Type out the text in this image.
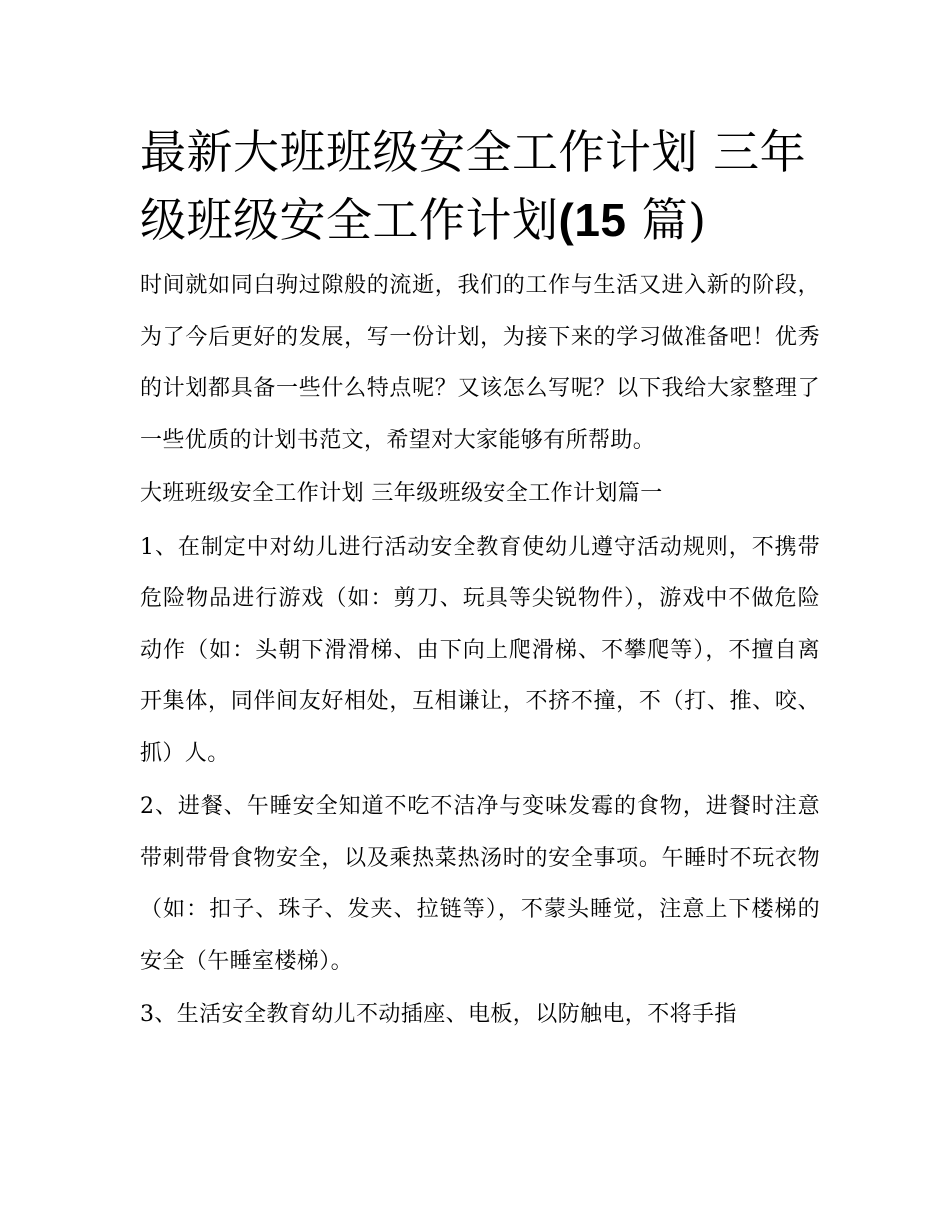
最新大班班级安全工作计划 三年级班级安全工作计划(15 篇)

时间就如同白驹过隙般的流逝，我们的工作与生活又进入新的阶段，为了今后更好的发展，写一份计划，为接下来的学习做准备吧！优秀的计划都具备一些什么特点呢？又该怎么写呢？以下我给大家整理了一些优质的计划书范文，希望对大家能够有所帮助。

大班班级安全工作计划 三年级班级安全工作计划篇一

1、在制定中对幼儿进行活动安全教育使幼儿遵守活动规则，不携带危险物品进行游戏（如：剪刀、玩具等尖锐物件），游戏中不做危险动作（如：头朝下滑滑梯、由下向上爬滑梯、不攀爬等），不擅自离开集体，同伴间友好相处，互相谦让，不挤不撞，不（打、推、咬、抓）人。

2、进餐、午睡安全知道不吃不洁净与变味发霉的食物，进餐时注意带刺带骨食物安全，以及乘热菜热汤时的安全事项。午睡时不玩衣物（如：扣子、珠子、发夹、拉链等），不蒙头睡觉，注意上下楼梯的安全（午睡室楼梯）。

3、生活安全教育幼儿不动插座、电板，以防触电，不将手指
